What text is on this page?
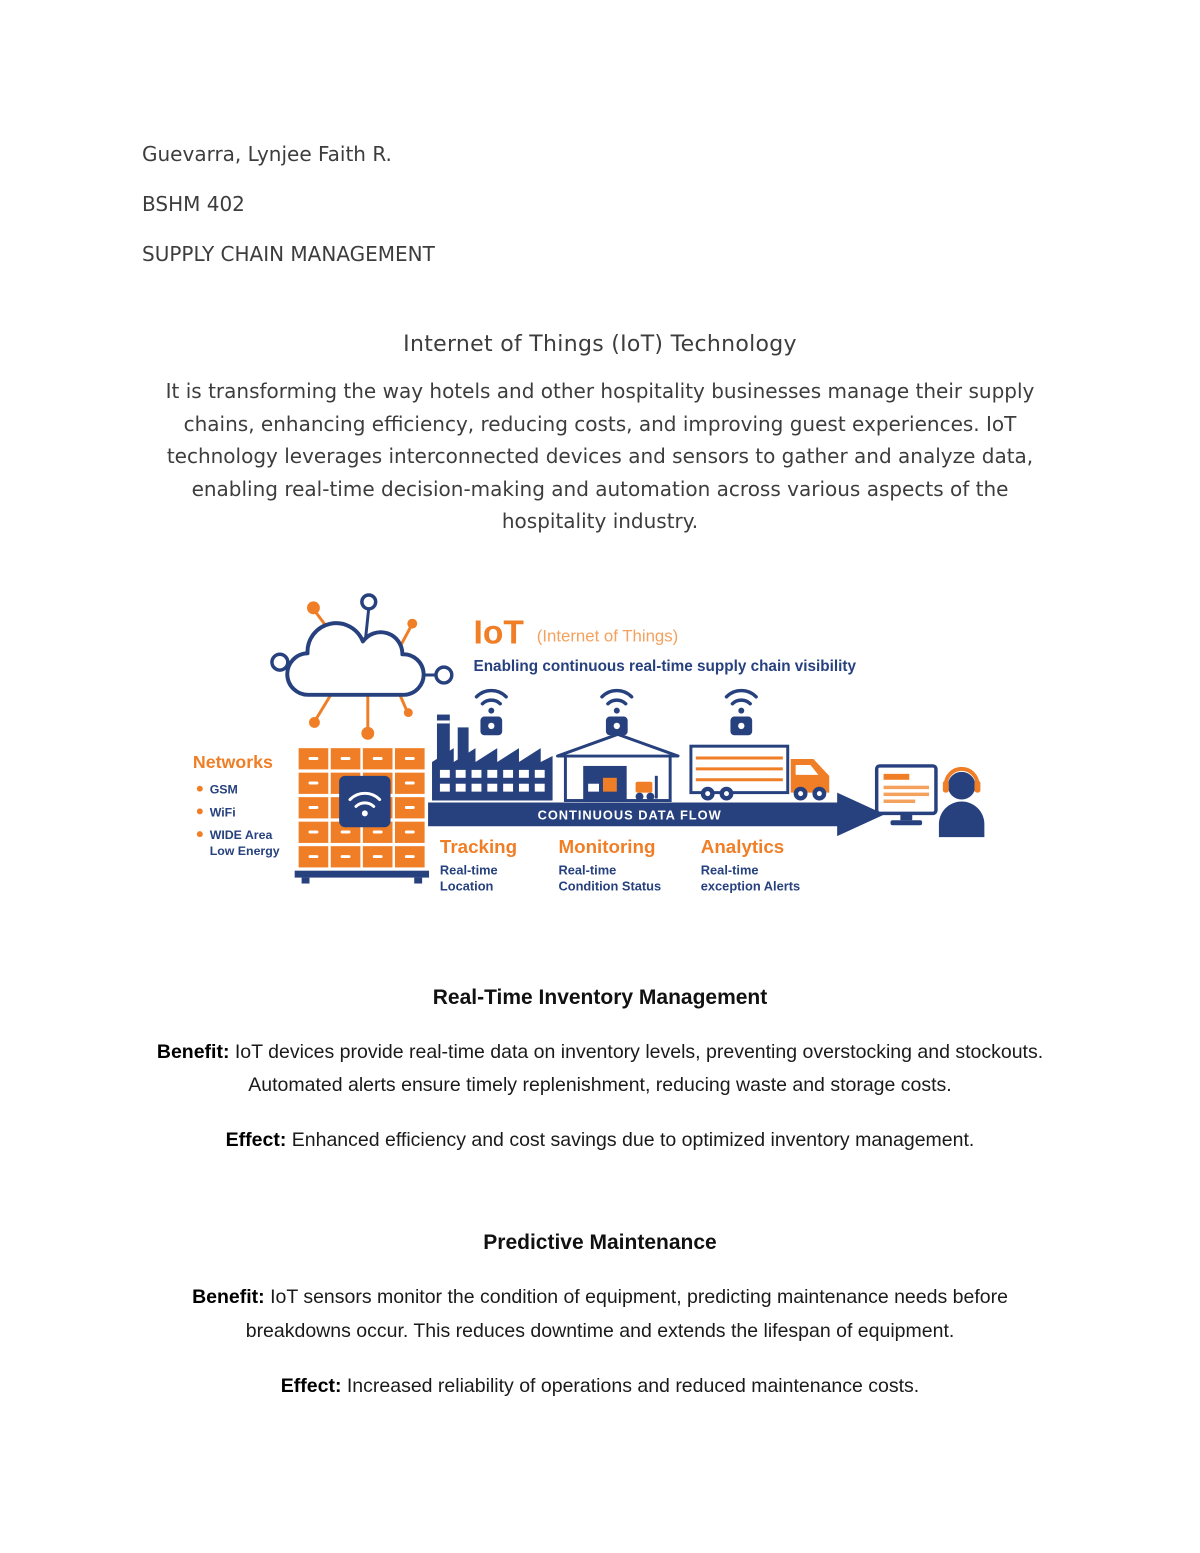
Guevarra, Lynjee Faith R.

BSHM 402

SUPPLY CHAIN MANAGEMENT

Internet of Things (IoT) Technology

It is transforming the way hotels and other hospitality businesses manage their supply chains, enhancing efficiency, reducing costs, and improving guest experiences. IoT technology leverages interconnected devices and sensors to gather and analyze data, enabling real-time decision-making and automation across various aspects of the hospitality industry.

IoT (Internet of Things)
Enabling continuous real-time supply chain visibility
CONTINUOUS DATA FLOW
Networks
GSM
WiFi
WIDE Area
Low Energy	Tracking
Real-time
Location
Monitoring
Real-time
Condition Status
Analytics
Real-time
exception Alerts
Real-Time Inventory Management

Benefit: IoT devices provide real-time data on inventory levels, preventing overstocking and stockouts. Automated alerts ensure timely replenishment, reducing waste and storage costs.

Effect: Enhanced efficiency and cost savings due to optimized inventory management.

Predictive Maintenance

Benefit: IoT sensors monitor the condition of equipment, predicting maintenance needs before breakdowns occur. This reduces downtime and extends the lifespan of equipment.

Effect: Increased reliability of operations and reduced maintenance costs.
